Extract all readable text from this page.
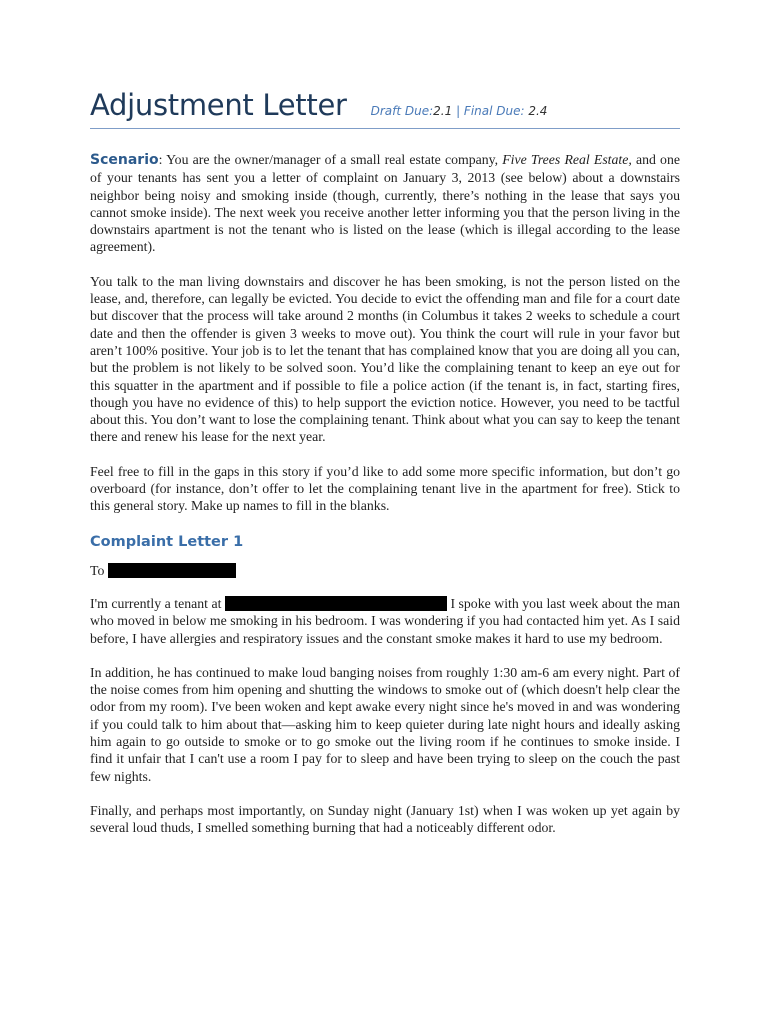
Adjustment Letter Draft Due:2.1 | Final Due: 2.4

Scenario: You are the owner/manager of a small real estate company, Five Trees Real Estate, and one of your tenants has sent you a letter of complaint on January 3, 2013 (see below) about a downstairs neighbor being noisy and smoking inside (though, currently, there’s nothing in the lease that says you cannot smoke inside). The next week you receive another letter informing you that the person living in the downstairs apartment is not the tenant who is listed on the lease (which is illegal according to the lease agreement).

You talk to the man living downstairs and discover he has been smoking, is not the person listed on the lease, and, therefore, can legally be evicted. You decide to evict the offending man and file for a court date but discover that the process will take around 2 months (in Columbus it takes 2 weeks to schedule a court date and then the offender is given 3 weeks to move out). You think the court will rule in your favor but aren’t 100% positive. Your job is to let the tenant that has complained know that you are doing all you can, but the problem is not likely to be solved soon. You’d like the complaining tenant to keep an eye out for this squatter in the apartment and if possible to file a police action (if the tenant is, in fact, starting fires, though you have no evidence of this) to help support the eviction notice. However, you need to be tactful about this. You don’t want to lose the complaining tenant. Think about what you can say to keep the tenant there and renew his lease for the next year.

Feel free to fill in the gaps in this story if you’d like to add some more specific information, but don’t go overboard (for instance, don’t offer to let the complaining tenant live in the apartment for free). Stick to this general story. Make up names to fill in the blanks.

Complaint Letter 1

To

I'm currently a tenant at	I spoke with you last week about the man who moved in below me smoking in his bedroom. I was wondering if you had contacted him yet. As I said before, I have allergies and respiratory issues and the constant smoke makes it hard to use my bedroom.

In addition, he has continued to make loud banging noises from roughly 1:30 am-6 am every night. Part of the noise comes from him opening and shutting the windows to smoke out of (which doesn't help clear the odor from my room). I've been woken and kept awake every night since he's moved in and was wondering if you could talk to him about that—asking him to keep quieter during late night hours and ideally asking him again to go outside to smoke or to go smoke out the living room if he continues to smoke inside. I find it unfair that I can't use a room I pay for to sleep and have been trying to sleep on the couch the past few nights.

Finally, and perhaps most importantly, on Sunday night (January 1st) when I was woken up yet again by several loud thuds, I smelled something burning that had a noticeably different odor.
